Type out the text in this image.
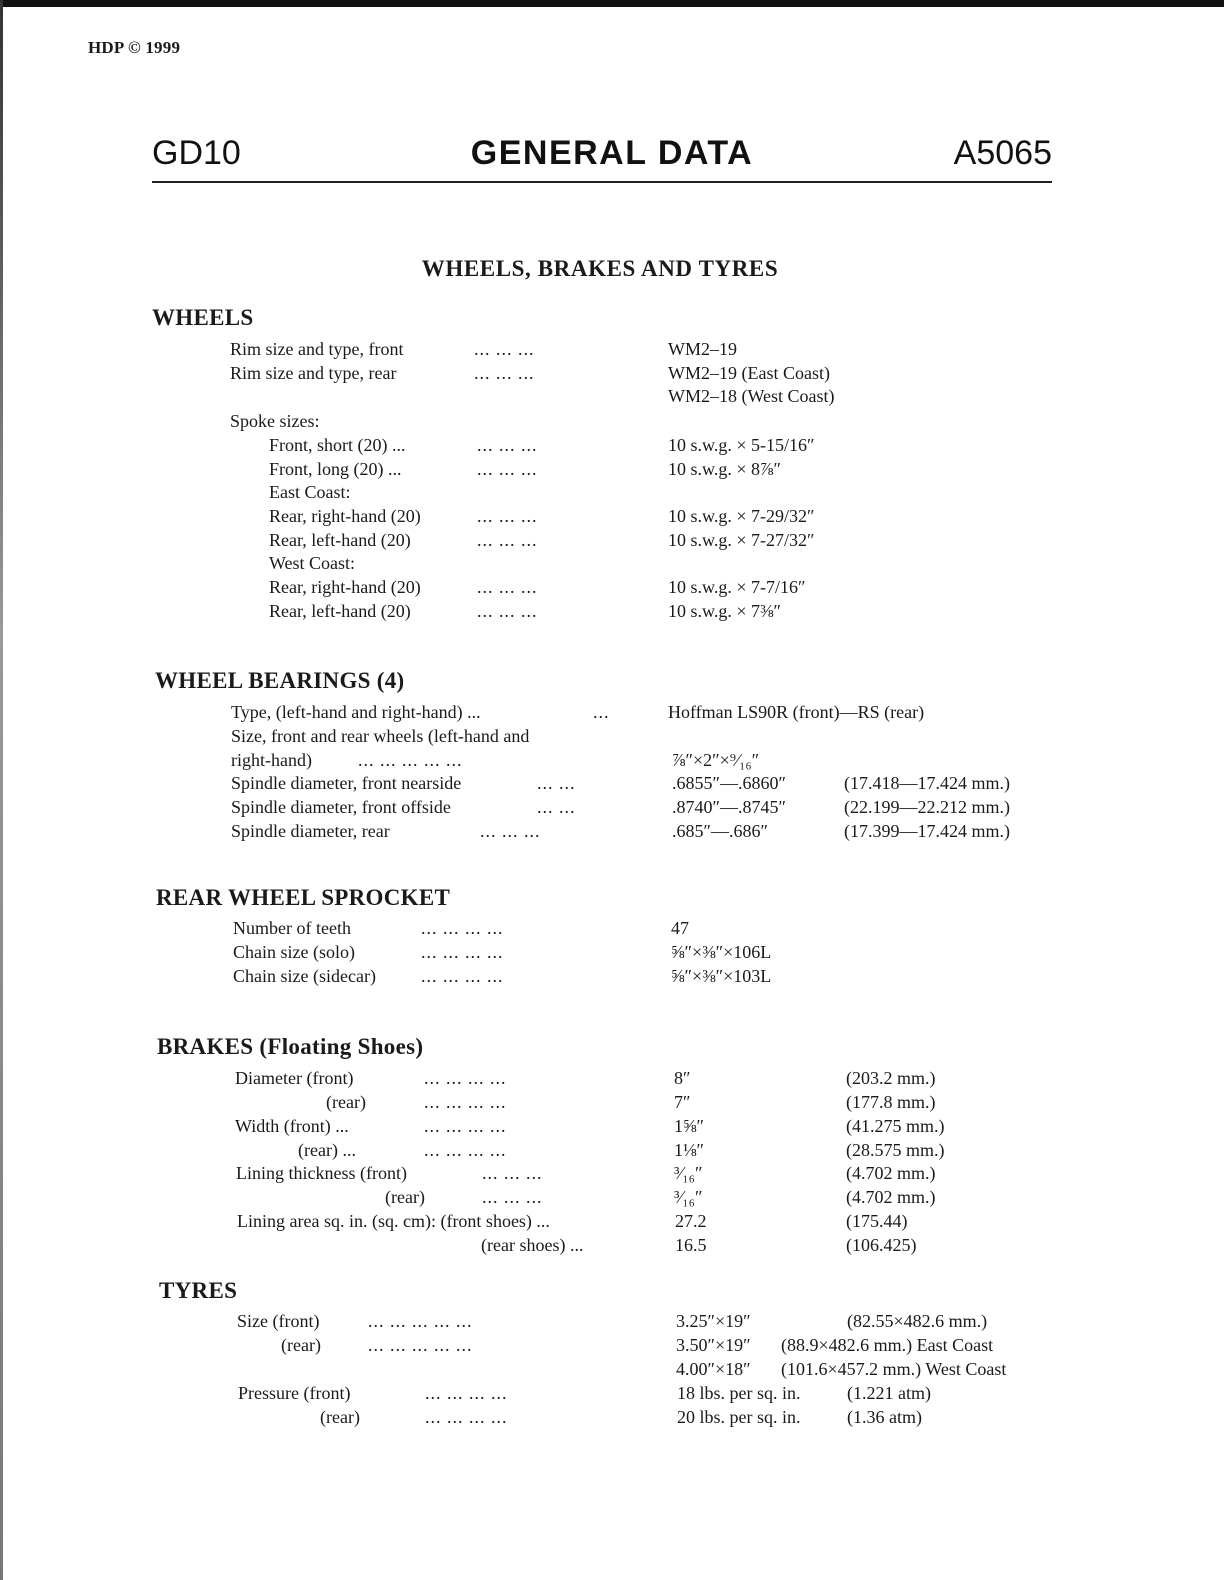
HDP © 1999
GD10	GENERAL DATA	A5065
WHEELS, BRAKES AND TYRES
WHEELS
Rim size and type, front	... ... ...	WM2–19
Rim size and type, rear	... ... ...	WM2–19 (East Coast)
WM2–18 (West Coast)
Spoke sizes:
Front, short (20) ...	... ... ...	10 s.w.g. × 5-15/16″
Front, long (20) ...	... ... ...	10 s.w.g. × 8⅞″
East Coast:
Rear, right-hand (20)	... ... ...	10 s.w.g. × 7-29/32″
Rear, left-hand (20)	... ... ...	10 s.w.g. × 7-27/32″
West Coast:
Rear, right-hand (20)	... ... ...	10 s.w.g. × 7-7/16″
Rear, left-hand (20)	... ... ...	10 s.w.g. × 7⅜″
WHEEL BEARINGS (4)
Type, (left-hand and right-hand) ...	...	Hoffman LS90R (front)—RS (rear)
Size, front and rear wheels (left-hand and
right-hand)	... ... ... ... ...	⅞″×2″×⁹⁄₁₆″
Spindle diameter, front nearside	... ...	.6855″—.6860″	(17.418—17.424 mm.)
Spindle diameter, front offside	... ...	.8740″—.8745″	(22.199—22.212 mm.)
Spindle diameter, rear	... ... ...	.685″—.686″	(17.399—17.424 mm.)
REAR WHEEL SPROCKET
Number of teeth	... ... ... ...	47
Chain size (solo)	... ... ... ...	⅝″×⅜″×106L
Chain size (sidecar)	... ... ... ...	⅝″×⅜″×103L
BRAKES (Floating Shoes)
Diameter (front)	... ... ... ...	8″	(203.2 mm.)
(rear)	... ... ... ...	7″	(177.8 mm.)
Width (front) ...	... ... ... ...	1⅝″	(41.275 mm.)
(rear) ...	... ... ... ...	1⅛″	(28.575 mm.)
Lining thickness (front)	... ... ...	³⁄₁₆″	(4.702 mm.)
(rear)	... ... ...	³⁄₁₆″	(4.702 mm.)
Lining area sq. in. (sq. cm): (front shoes) ...	27.2	(175.44)
(rear shoes) ...	16.5	(106.425)
TYRES
Size (front)	... ... ... ... ...	3.25″×19″	(82.55×482.6 mm.)
(rear)	... ... ... ... ...	3.50″×19″ (88.9×482.6 mm.) East Coast
4.00″×18″ (101.6×457.2 mm.) West Coast
Pressure (front)	... ... ... ...	18 lbs. per sq. in.	(1.221 atm)
(rear)	... ... ... ...	20 lbs. per sq. in.	(1.36 atm)
